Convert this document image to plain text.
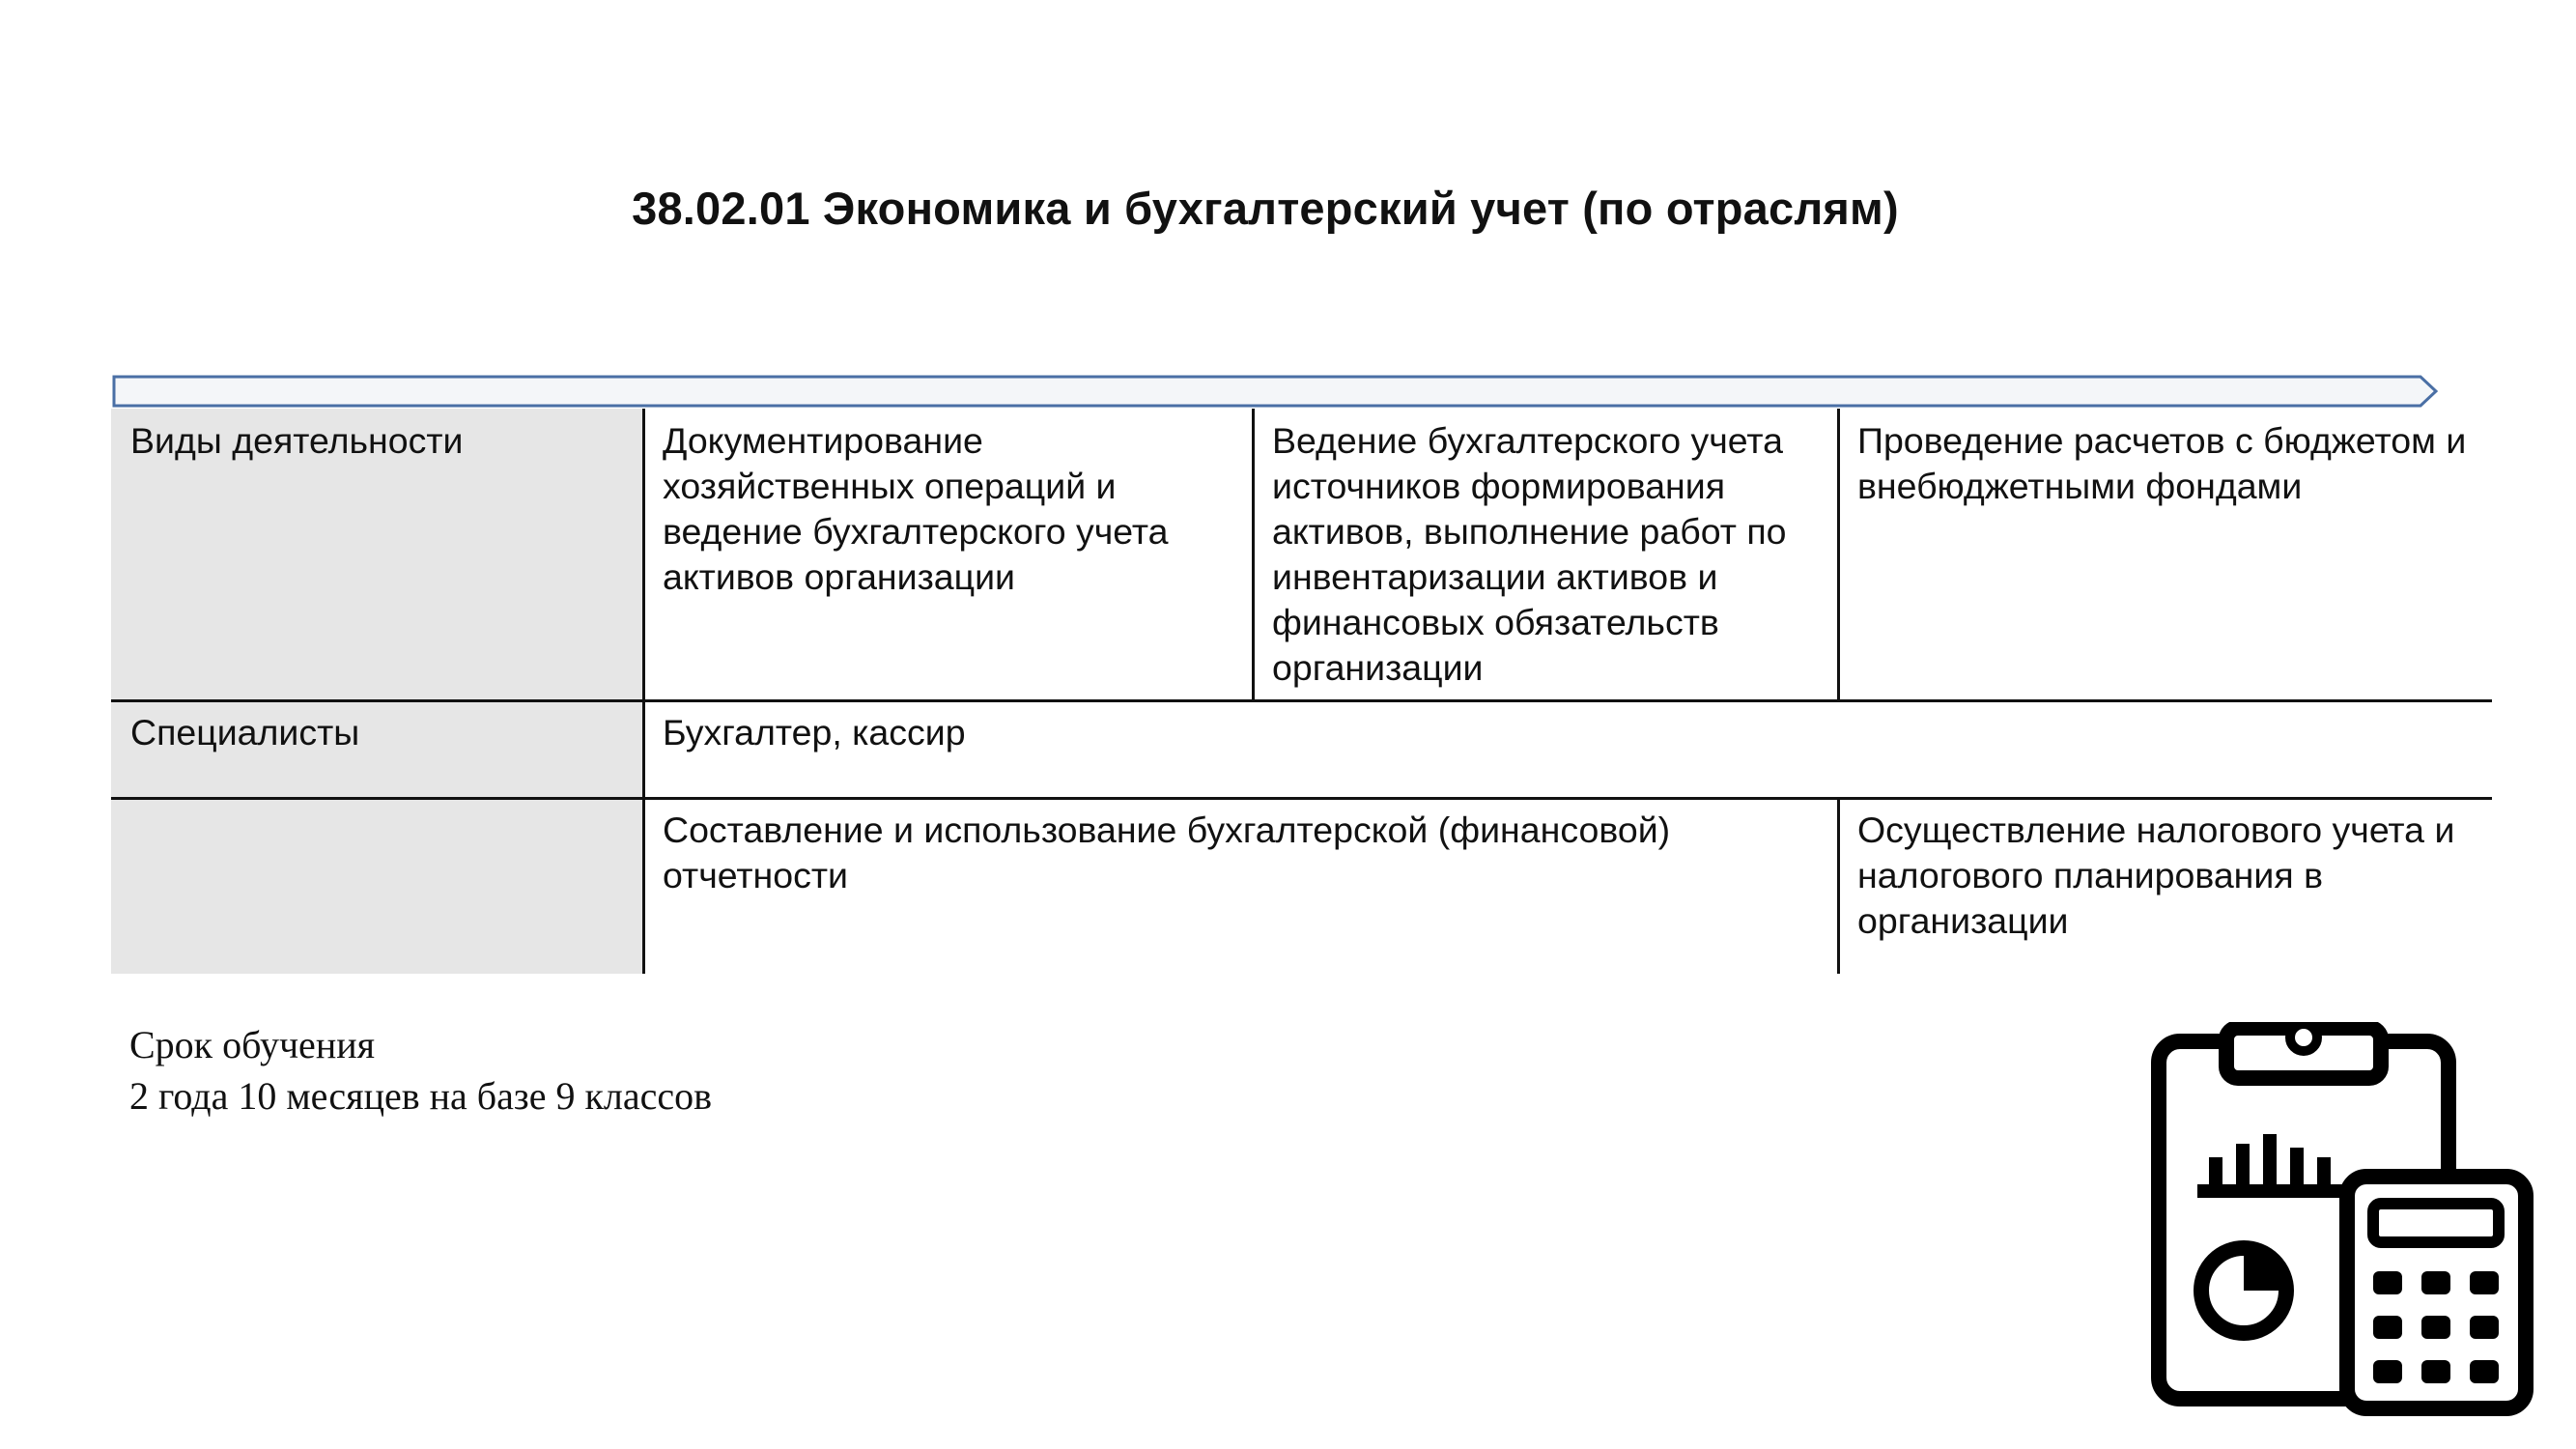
38.02.01 Экономика и бухгалтерский учет (по отраслям)
Виды деятельности	Документирование хозяйственных операций и ведение бухгалтерского учета активов организации
Ведение бухгалтерского учета источников формирования активов, выполнение работ по инвентаризации активов и финансовых обязательств организации
Проведение расчетов с бюджетом и внебюджетными фондами
Специалисты	Бухгалтер, кассир
Составление и использование бухгалтерской (финансовой) отчетности
Осуществление налогового учета и налогового планирования в организации
Срок обучения
2 года 10 месяцев на базе 9 классов
